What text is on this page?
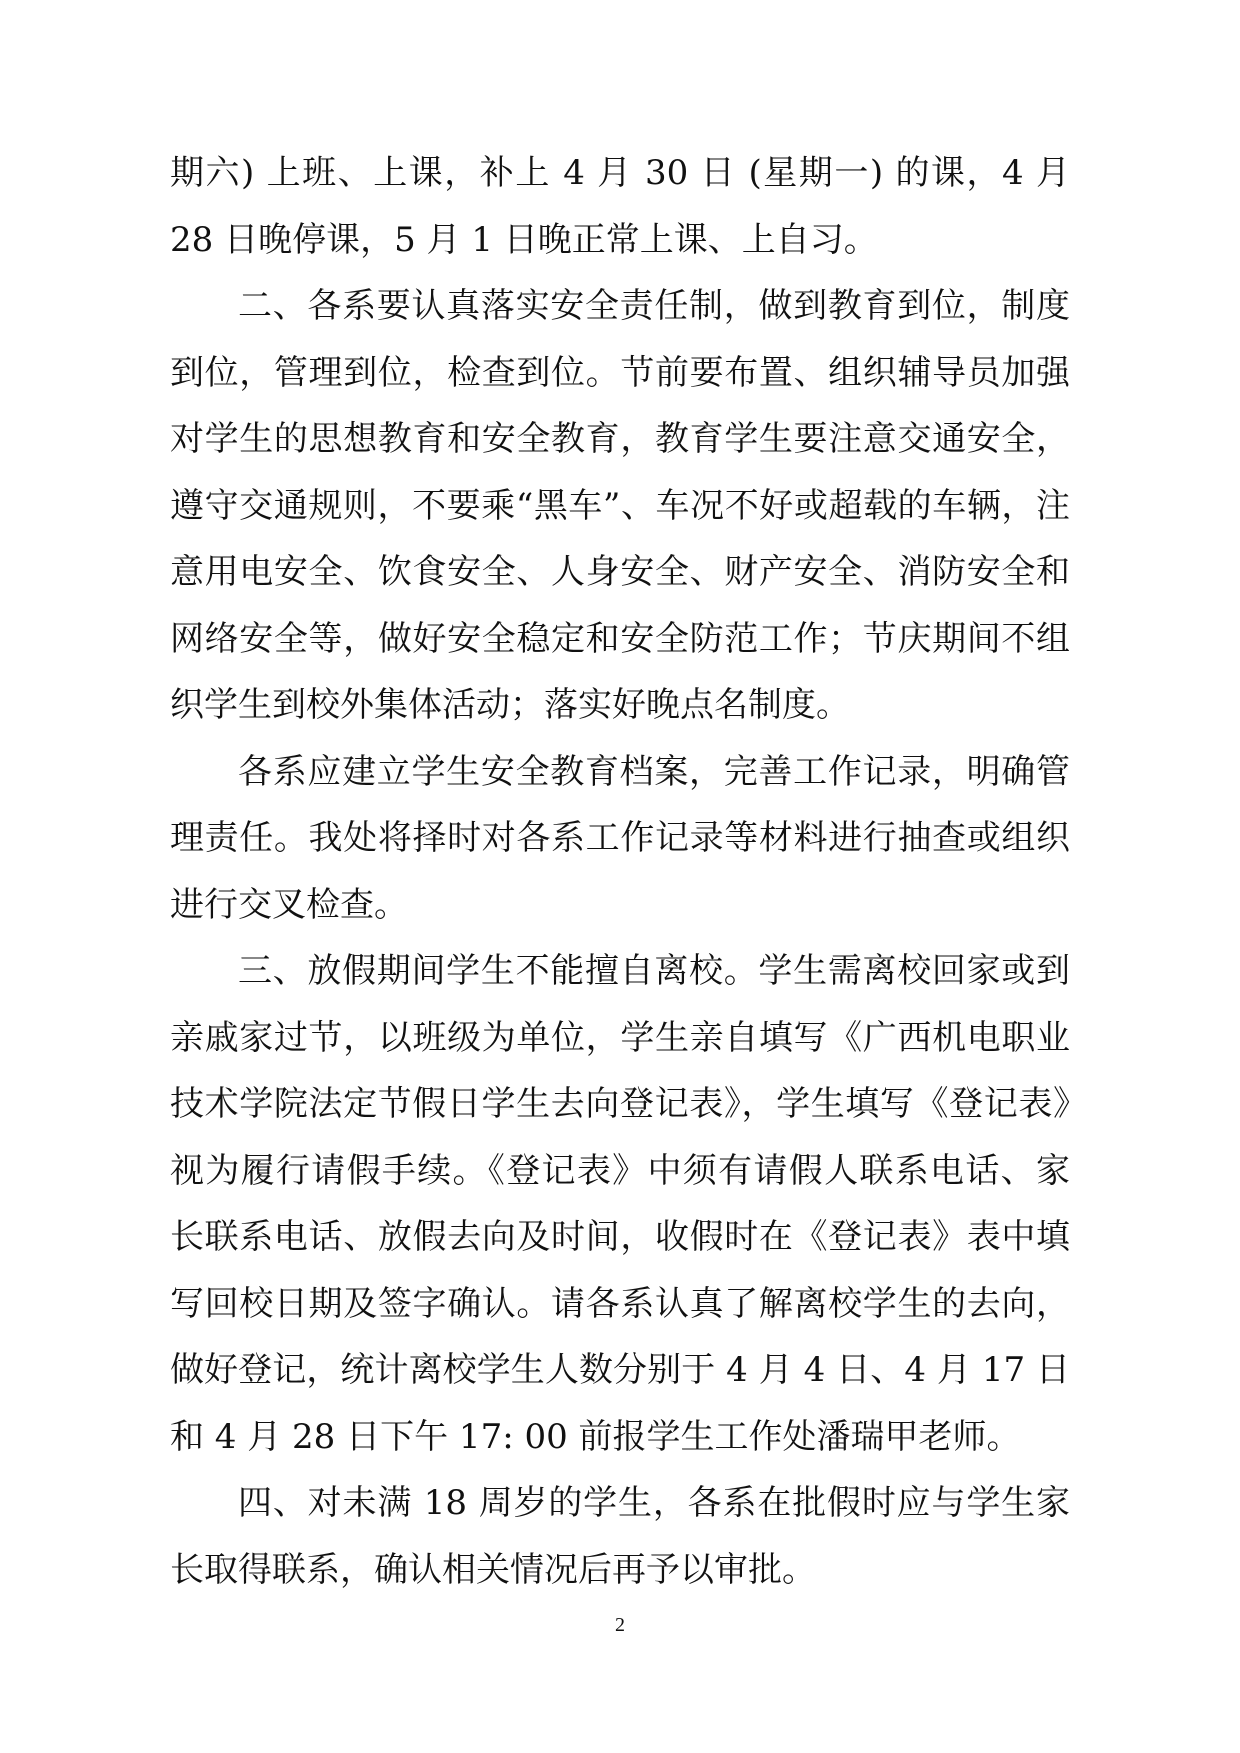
期六) 上班、上课，补上 4 月 30 日 (星期一) 的课，4 月 28 日晚停课，5 月 1 日晚正常上课、上自习。

二、各系要认真落实安全责任制，做到教育到位，制度到位，管理到位，检查到位。节前要布置、组织辅导员加强对学生的思想教育和安全教育，教育学生要注意交通安全，遵守交通规则，不要乘“黑车”、车况不好或超载的车辆，注意用电安全、饮食安全、人身安全、财产安全、消防安全和网络安全等，做好安全稳定和安全防范工作；节庆期间不组织学生到校外集体活动；落实好晚点名制度。

各系应建立学生安全教育档案，完善工作记录，明确管理责任。我处将择时对各系工作记录等材料进行抽查或组织进行交叉检查。

三、放假期间学生不能擅自离校。学生需离校回家或到亲戚家过节，以班级为单位，学生亲自填写《广西机电职业技术学院法定节假日学生去向登记表》，学生填写《登记表》视为履行请假手续。《登记表》中须有请假人联系电话、家长联系电话、放假去向及时间，收假时在《登记表》表中填写回校日期及签字确认。请各系认真了解离校学生的去向，做好登记，统计离校学生人数分别于 4 月 4 日、4 月 17 日和 4 月 28 日下午 17: 00 前报学生工作处潘瑞甲老师。

四、对未满 18 周岁的学生，各系在批假时应与学生家长取得联系，确认相关情况后再予以审批。

2
